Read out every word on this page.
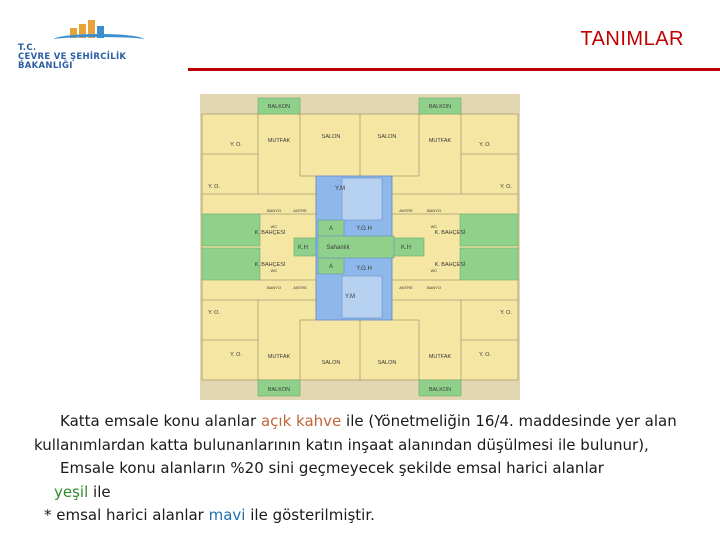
T.C.
ÇEVRE VE ŞEHİRCİLİK
BAKANLIĞI
TANIMLAR
BALKON	BALKON
BALKON	BALKON
SALON	SALON
SALON	SALON
MUTFAK	MUTFAK
MUTFAK	MUTFAK
Y. O.	Y. O.
Y. O.	Y. O.
Y. O.	Y. O.
Y. O.	Y. O.
K. BAHÇESİ
K. BAHÇESİ
K. BAHÇESİ
K. BAHÇESİ
K.H	K.H
Sahanlık
A
A
Y.G.H
Y.G.H
Y.M
Y.M
BANYO	BANYO
BANYO	BANYO
ANTRE	ANTRE
ANTRE	ANTRE
WC	WC
WC	WC

Katta emsale konu alanlar açık kahve ile (Yönetmeliğin 16/4. maddesinde yer alan

kullanımlardan katta bulunanlarının katın inşaat alanından düşülmesi ile bulunur),

Emsale konu alanların %20 sini geçmeyecek şekilde emsal harici alanlar

yeşil ile

* emsal harici alanlar mavi ile gösterilmiştir.
